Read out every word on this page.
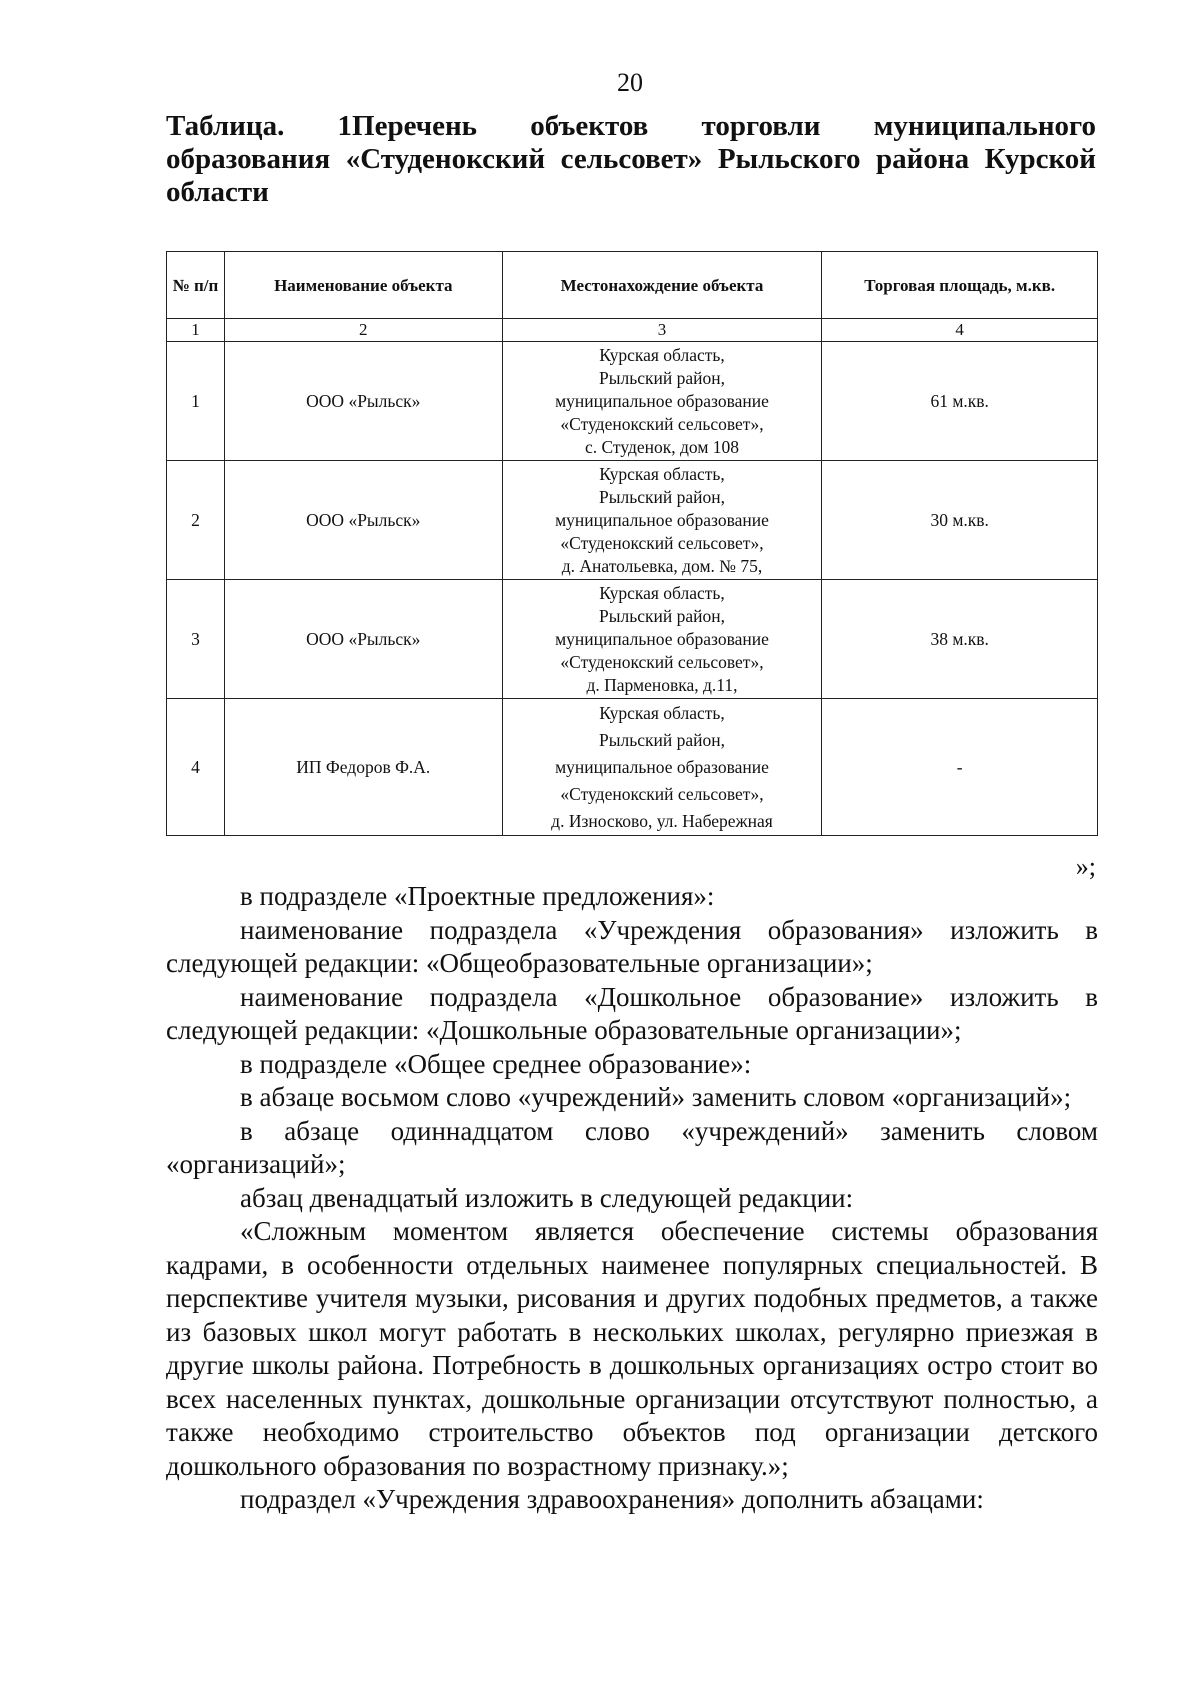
20
Таблица. 1Перечень объектов торговли муниципального
образования «Студенокский сельсовет» Рыльского района Курской
области
№ п/п	Наименование объекта	Местонахождение объекта	Торговая площадь, м.кв.
1	2	3	4
1	ООО «Рыльск»	Курская область,
Рыльский район,
муниципальное образование
«Студенокский сельсовет»,
с. Студенок, дом 108	61 м.кв.
2	ООО «Рыльск»	Курская область,
Рыльский район,
муниципальное образование
«Студенокский сельсовет»,
д. Анатольевка, дом. № 75,	30 м.кв.
3	ООО «Рыльск»	Курская область,
Рыльский район,
муниципальное образование
«Студенокский сельсовет»,
д. Парменовка, д.11,	38 м.кв.
4	ИП Федоров Ф.А.	Курская область,
Рыльский район,
муниципальное образование
«Студенокский сельсовет»,
д. Износково, ул. Набережная	-
»;

в подразделе «Проектные предложения»:

наименование подраздела «Учреждения образования» изложить в следующей редакции: «Общеобразовательные организации»;

наименование подраздела «Дошкольное образование» изложить в следующей редакции: «Дошкольные образовательные организации»;

в подразделе «Общее среднее образование»:

в абзаце восьмом слово «учреждений» заменить словом «организаций»;

в абзаце одиннадцатом слово «учреждений» заменить словом «организаций»;

абзац двенадцатый изложить в следующей редакции:

«Сложным моментом является обеспечение системы образования кадрами, в особенности отдельных наименее популярных специальностей. В перспективе учителя музыки, рисования и других подобных предметов, а также из базовых школ могут работать в нескольких школах, регулярно приезжая в другие школы района. Потребность в дошкольных организациях остро стоит во всех населенных пунктах, дошкольные организации отсутствуют полностью, а также необходимо строительство объектов под организации детского дошкольного образования по возрастному признаку.»;

подраздел «Учреждения здравоохранения» дополнить абзацами:
